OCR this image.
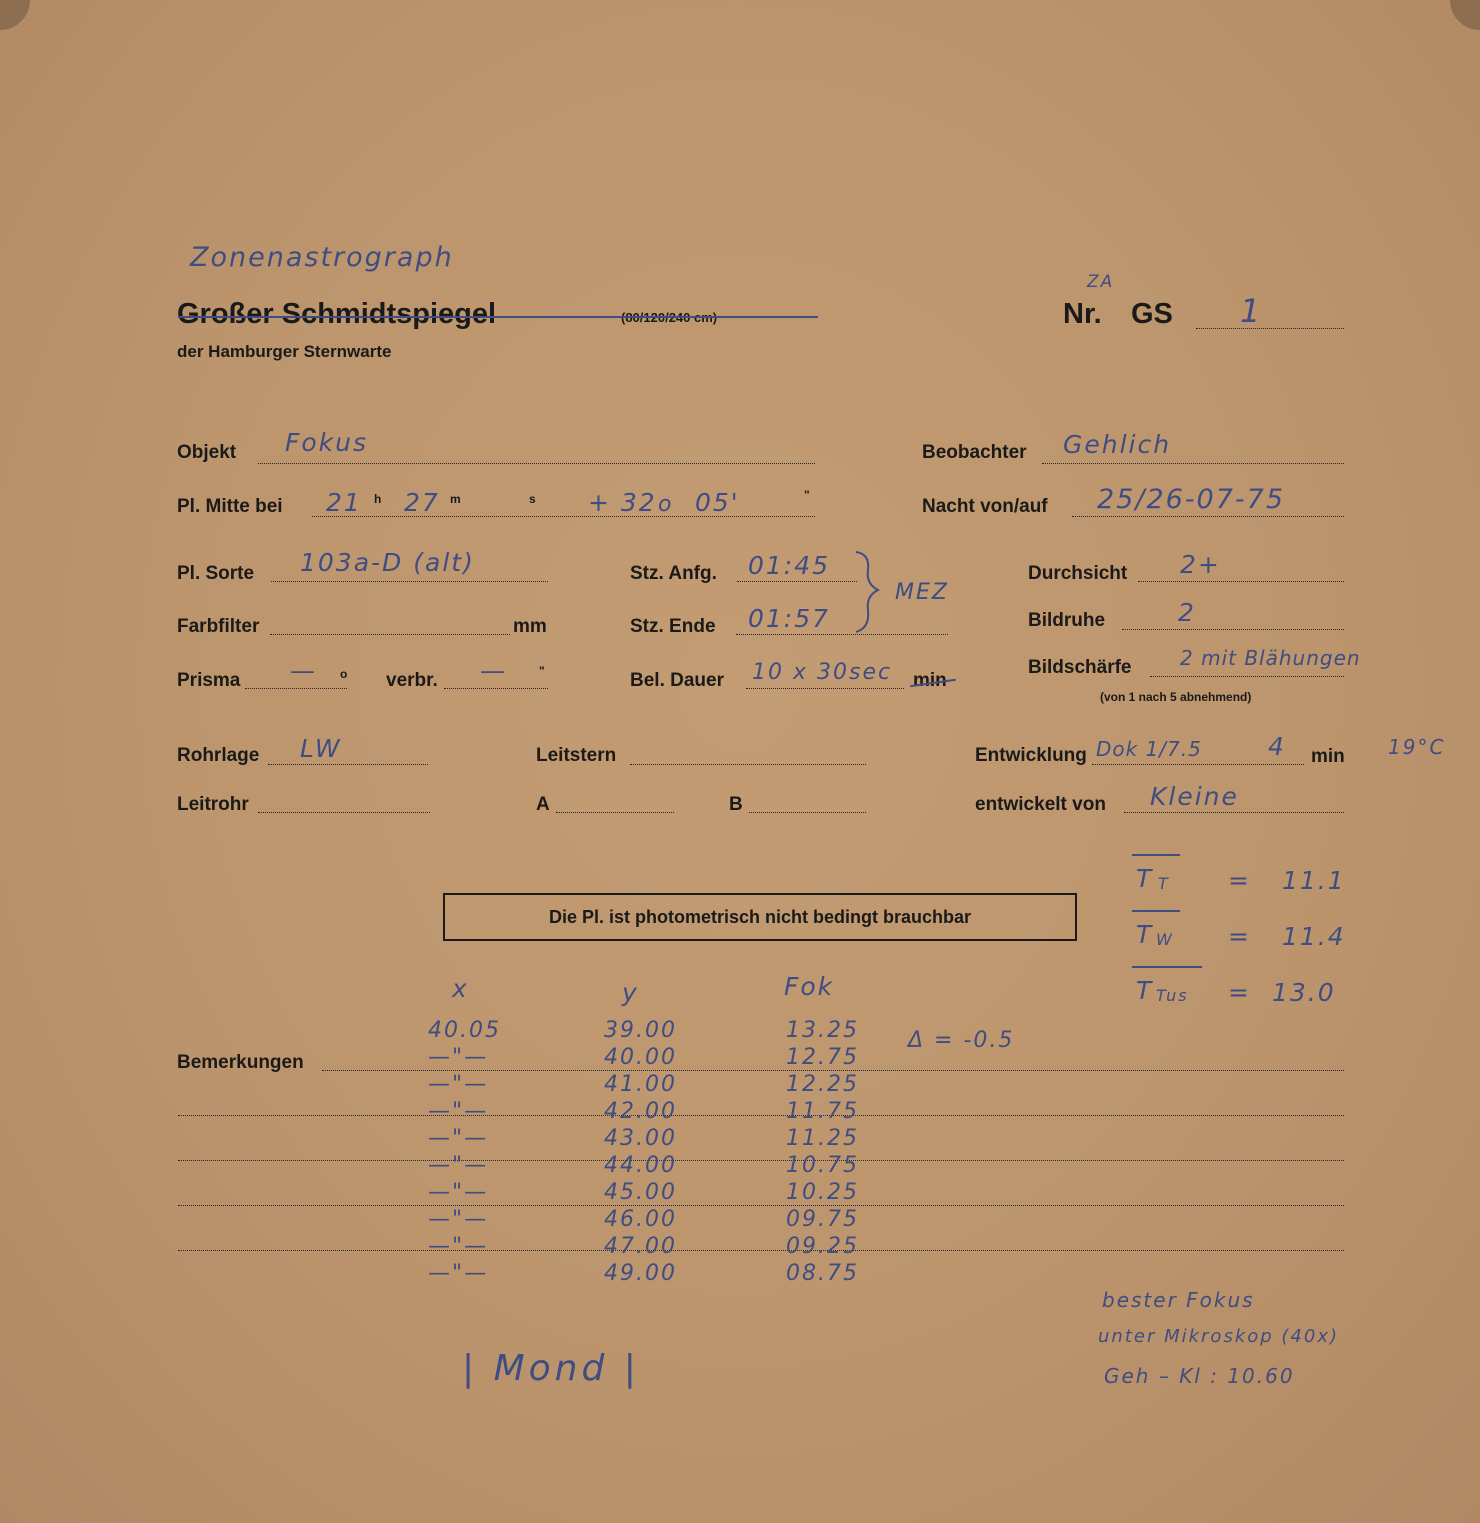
Zonenastrograph
Großer Schmidtspiegel	(80/120/240 cm)
der Hamburger Sternwarte
Nr.
ZA
GS 1
Objekt Fokus	Beobachter Gehlich
Pl. Mitte bei 21 h 27 m	s + 32 o 05'	"
Nacht von/auf 25/26-07-75
Pl. Sorte 103a-D (alt)	Stz. Anfg. 01:45	Durchsicht 2+
MEZ
Farbfilter	mm	Stz. Ende 01:57	Bildruhe	2
Prisma — o verbr. —	"	Bel. Dauer 10 x 30sec min
Bildschärfe 2 mit Blähungen
(von 1 nach 5 abnehmend)
Rohrlage LW	Leitstern	Entwicklung Dok 1/7.5	4 min 19°C
Leitrohr	A	B	entwickelt von Kleine
T T = 11.1
T W = 11.4
T Tus = 13.0
Die Pl. ist photometrisch nicht bedingt brauchbar
Bemerkungen
x	y	Fok
Δ = -0.5
40.05	39.00	13.25
—"—	40.00	12.75
—"—	41.00	12.25
—"—	42.00	11.75
—"—	43.00	11.25
—"—	44.00	10.75
—"—	45.00	10.25
—"—	46.00	09.75
—"—	47.00	09.25
—"—	49.00	08.75
| Mond |
bester Fokus
unter Mikroskop (40x)
Geh – Kl : 10.60
